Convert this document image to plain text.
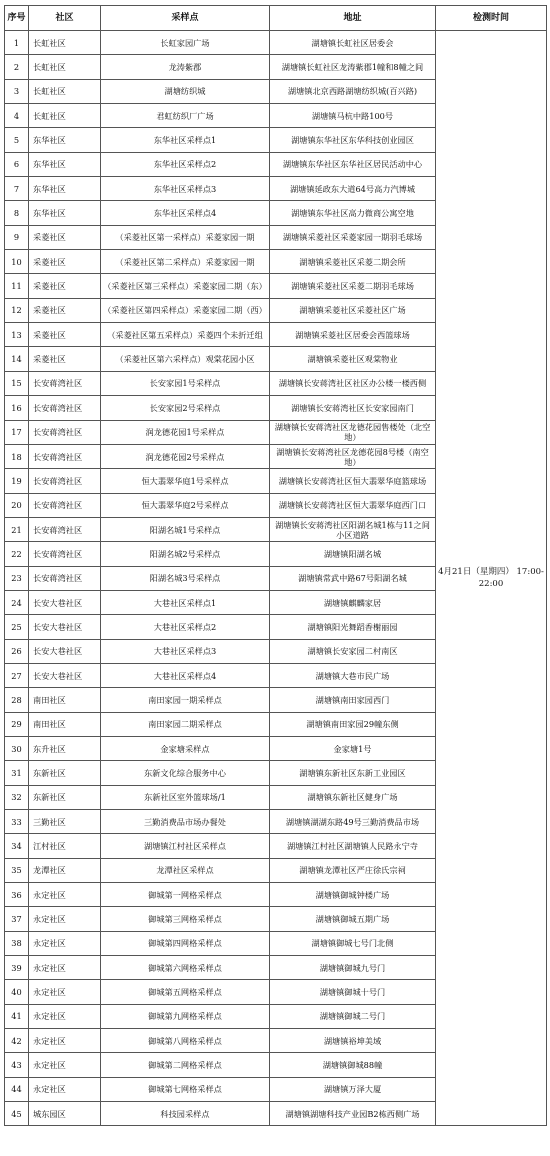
序号	社区	采样点	地址	检测时间
1	长虹社区	长虹家园广场	湖塘镇长虹社区居委会	4月21日（星期四） 17:00-22:00
2	长虹社区	龙涛紫郡	湖塘镇长虹社区龙涛紫郡1幢和8幢之间	
3	长虹社区	湖塘纺织城	湖塘镇北京西路湖塘纺织城(百兴路)	
4	长虹社区	君虹纺织厂广场	湖塘镇马杭中路100号	
5	东华社区	东华社区采样点1	湖塘镇东华社区东华科技创业园区	
6	东华社区	东华社区采样点2	湖塘镇东华社区东华社区居民活动中心	
7	东华社区	东华社区采样点3	湖塘镇延政东大道64号高力汽博城	
8	东华社区	东华社区采样点4	湖塘镇东华社区高力微商公寓空地	
9	采菱社区	（采菱社区第一采样点）采菱家园一期	湖塘镇采菱社区采菱家园一期羽毛球场	
10	采菱社区	（采菱社区第二采样点）采菱家园一期	湖塘镇采菱社区采菱二期会所	
11	采菱社区	（采菱社区第三采样点）采菱家园二期（东）	湖塘镇采菱社区采菱二期羽毛球场	
12	采菱社区	（采菱社区第四采样点）采菱家园二期（西）	湖塘镇采菱社区采菱社区广场	
13	采菱社区	（采菱社区第五采样点）采菱四个未折迁组	湖塘镇采菱社区居委会西篮球场	
14	采菱社区	（采菱社区第六采样点）观棠花园小区	湖塘镇采菱社区观棠物业	
15	长安蒋湾社区	长安家园1号采样点	湖塘镇长安蒋湾社区社区办公楼一楼西侧	
16	长安蒋湾社区	长安家园2号采样点	湖塘镇长安蒋湾社区长安家园南门	
17	长安蒋湾社区	润龙德花园1号采样点	湖塘镇长安蒋湾社区龙德花园售楼处（北空地）	
18	长安蒋湾社区	润龙德花园2号采样点	湖塘镇长安蒋湾社区龙德花园8号楼（南空地）	
19	长安蒋湾社区	恒大翡翠华庭1号采样点	湖塘镇长安蒋湾社区恒大翡翠华庭篮球场	
20	长安蒋湾社区	恒大翡翠华庭2号采样点	湖塘镇长安蒋湾社区恒大翡翠华庭西门口	
21	长安蒋湾社区	阳湖名城1号采样点	湖塘镇长安蒋湾社区阳湖名城1栋与11之间小区道路	
22	长安蒋湾社区	阳湖名城2号采样点	湖塘镇阳湖名城	
23	长安蒋湾社区	阳湖名城3号采样点	湖塘镇常武中路67号阳湖名城	
24	长安大巷社区	大巷社区采样点1	湖塘镇麒麟家居	
25	长安大巷社区	大巷社区采样点2	湖塘镇阳光舞蹈香榭丽园	
26	长安大巷社区	大巷社区采样点3	湖塘镇长安家园二村南区	
27	长安大巷社区	大巷社区采样点4	湖塘镇大巷市民广场	
28	南田社区	南田家园一期采样点	湖塘镇南田家园西门	
29	南田社区	南田家园二期采样点	湖塘镇南田家园29幢东侧	
30	东升社区	金家塘采样点	金家塘1号	
31	东新社区	东新文化综合服务中心	湖塘镇东新社区东新工业园区	
32	东新社区	东新社区室外篮球场/1	湖塘镇东新社区健身广场	
33	三勤社区	三勤消费品市场办餐处	湖塘镇湖湖东路49号三勤消费品市场	
34	江村社区	湖塘镇江村社区采样点	湖塘镇江村社区湖塘镇人民路永宁寺	
35	龙潭社区	龙潭社区采样点	湖塘镇龙潭社区严庄徐氏宗祠	
36	永定社区	御城第一网格采样点	湖塘镇御城钟楼广场	
37	永定社区	御城第三网格采样点	湖塘镇御城五期广场	
38	永定社区	御城第四网格采样点	湖塘镇御城七号门北侧	
39	永定社区	御城第六网格采样点	湖塘镇御城九号门	
40	永定社区	御城第五网格采样点	湖塘镇御城十号门	
41	永定社区	御城第九网格采样点	湖塘镇御城二号门	
42	永定社区	御城第八网格采样点	湖塘镇裕坤美域	
43	永定社区	御城第二网格采样点	湖塘镇御城88幢	
44	永定社区	御城第七网格采样点	湖塘镇万泽大厦	
45	城东园区	科技园采样点	湖塘镇湖塘科技产业园B2栋西侧广场	
